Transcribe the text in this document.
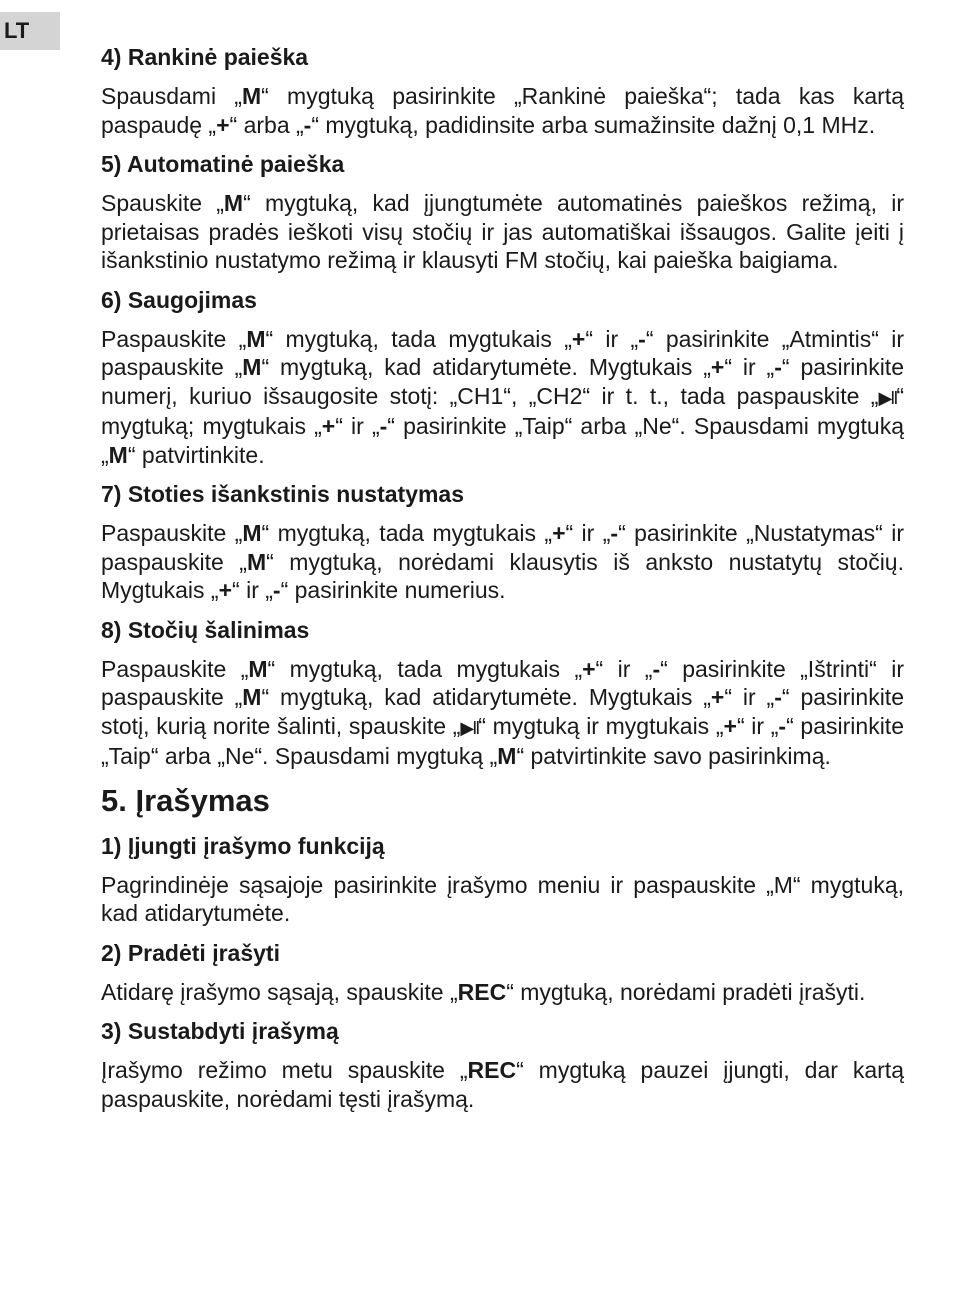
LT
4) Rankinė paieška

Spausdami „M“ mygtuką pasirinkite „Rankinė paieška“; tada kas kartą paspaudę „+“ arba „-“ mygtuką, padidinsite arba sumažinsite dažnį 0,1 MHz.

5) Automatinė paieška

Spauskite „M“ mygtuką, kad įjungtumėte automatinės paieškos režimą, ir prietaisas pradės ieškoti visų stočių ir jas automatiškai išsaugos. Galite įeiti į išankstinio nustatymo režimą ir klausyti FM stočių, kai paieška baigiama.

6) Saugojimas

Paspauskite „M“ mygtuką, tada mygtukais „+“ ir „-“ pasirinkite „Atmintis“ ir paspauskite „M“ mygtuką, kad atidarytumėte. Mygtukais „+“ ir „-“ pasirinkite numerį, kuriuo išsaugosite stotį: „CH1“, „CH2“ ir t. t., tada paspauskite „▶II“ mygtuką; mygtukais „+“ ir „-“ pasirinkite „Taip“ arba „Ne“. Spausdami mygtuką „M“ patvirtinkite.

7) Stoties išankstinis nustatymas

Paspauskite „M“ mygtuką, tada mygtukais „+“ ir „-“ pasirinkite „Nustatymas“ ir paspauskite „M“ mygtuką, norėdami klausytis iš anksto nustatytų stočių. Mygtukais „+“ ir „-“ pasirinkite numerius.

8) Stočių šalinimas

Paspauskite „M“ mygtuką, tada mygtukais „+“ ir „-“ pasirinkite „Ištrinti“ ir paspauskite „M“ mygtuką, kad atidarytumėte. Mygtukais „+“ ir „-“ pasirinkite stotį, kurią norite šalinti, spauskite „▶II“ mygtuką ir mygtukais „+“ ir „-“ pasirinkite „Taip“ arba „Ne“. Spausdami mygtuką „M“ patvirtinkite savo pasirinkimą.

5. Įrašymas
1) Įjungti įrašymo funkciją

Pagrindinėje sąsajoje pasirinkite įrašymo meniu ir paspauskite „M“ mygtuką, kad atidarytumėte.

2) Pradėti įrašyti

Atidarę įrašymo sąsają, spauskite „REC“ mygtuką, norėdami pradėti įrašyti.

3) Sustabdyti įrašymą

Įrašymo režimo metu spauskite „REC“ mygtuką pauzei įjungti, dar kartą paspauskite, norėdami tęsti įrašymą.
